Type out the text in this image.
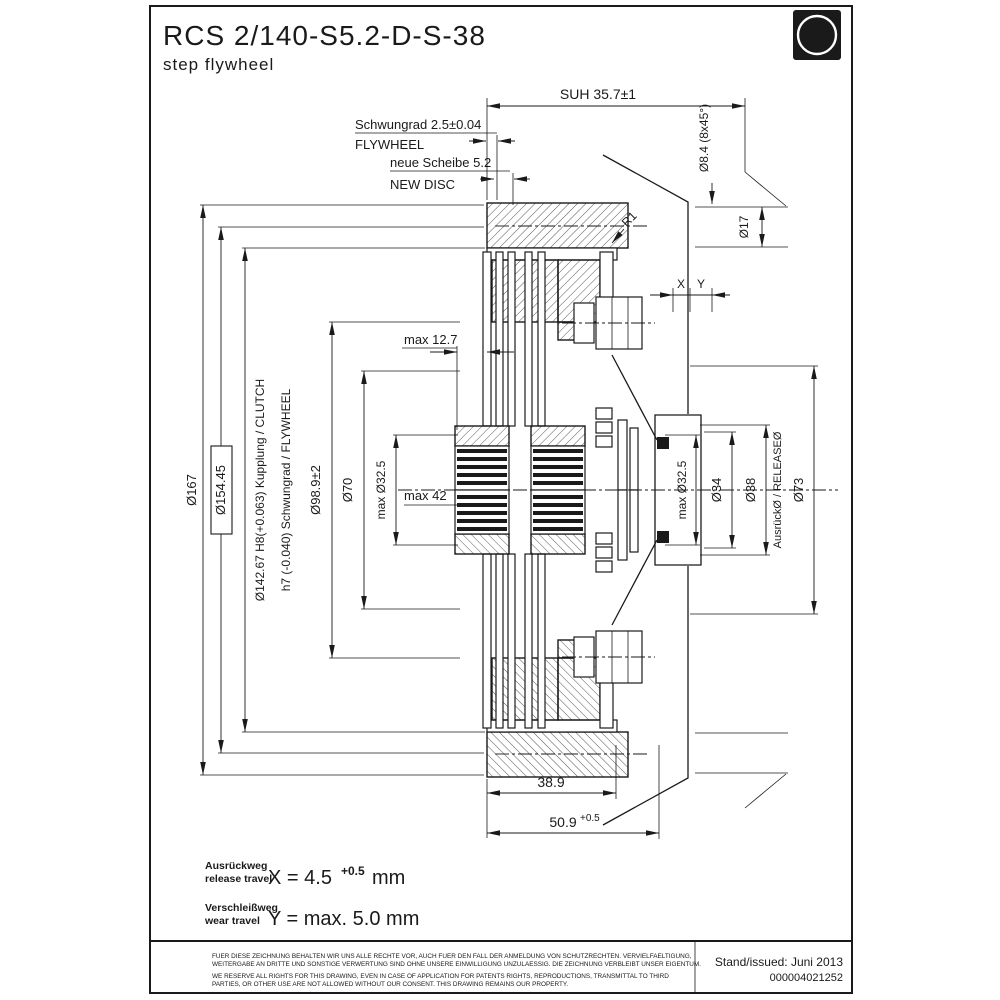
RCS 2/140-S5.2-D-S-38
step flywheel
ZF
SUH 35.7±1
Schwungrad 2.5±0.04
FLYWHEEL
neue Scheibe 5.2
NEW DISC
Ø8.4 (8x45°)
Ø17
R1
X Y
max 12.7
Ø167 Ø154.45 Ø142.67 H8(+0.063) Kupplung / CLUTCH h7 (-0.040) Schwungrad / FLYWHEEL Ø98.9±2 Ø70 max Ø32.5 max 42	max Ø32.5 Ø34 Ø38 AusrückØ / RELEASEØ Ø73
38.9
50.9 +0.5
Ausrückweg
release travel
X = 4.5 +0.5 mm
Verschleißweg
wear travel Y = max. 5.0 mm
FUER DIESE ZEICHNUNG BEHALTEN WIR UNS ALLE RECHTE VOR, AUCH FUER DEN FALL DER ANMELDUNG VON SCHUTZRECHTEN. VERVIELFAELTIGUNG,
WEITERGABE AN DRITTE UND SONSTIGE VERWERTUNG SIND OHNE UNSERE EINWILLIGUNG UNZULAESSIG. DIE ZEICHNUNG VERBLEIBT UNSER EIGENTUM.
WE RESERVE ALL RIGHTS FOR THIS DRAWING, EVEN IN CASE OF APPLICATION FOR PATENTS RIGHTS, REPRODUCTIONS, TRANSMITTAL TO THIRD
PARTIES, OR OTHER USE ARE NOT ALLOWED WITHOUT OUR CONSENT. THIS DRAWING REMAINS OUR PROPERTY.
Stand/issued: Juni 2013
000004021252
